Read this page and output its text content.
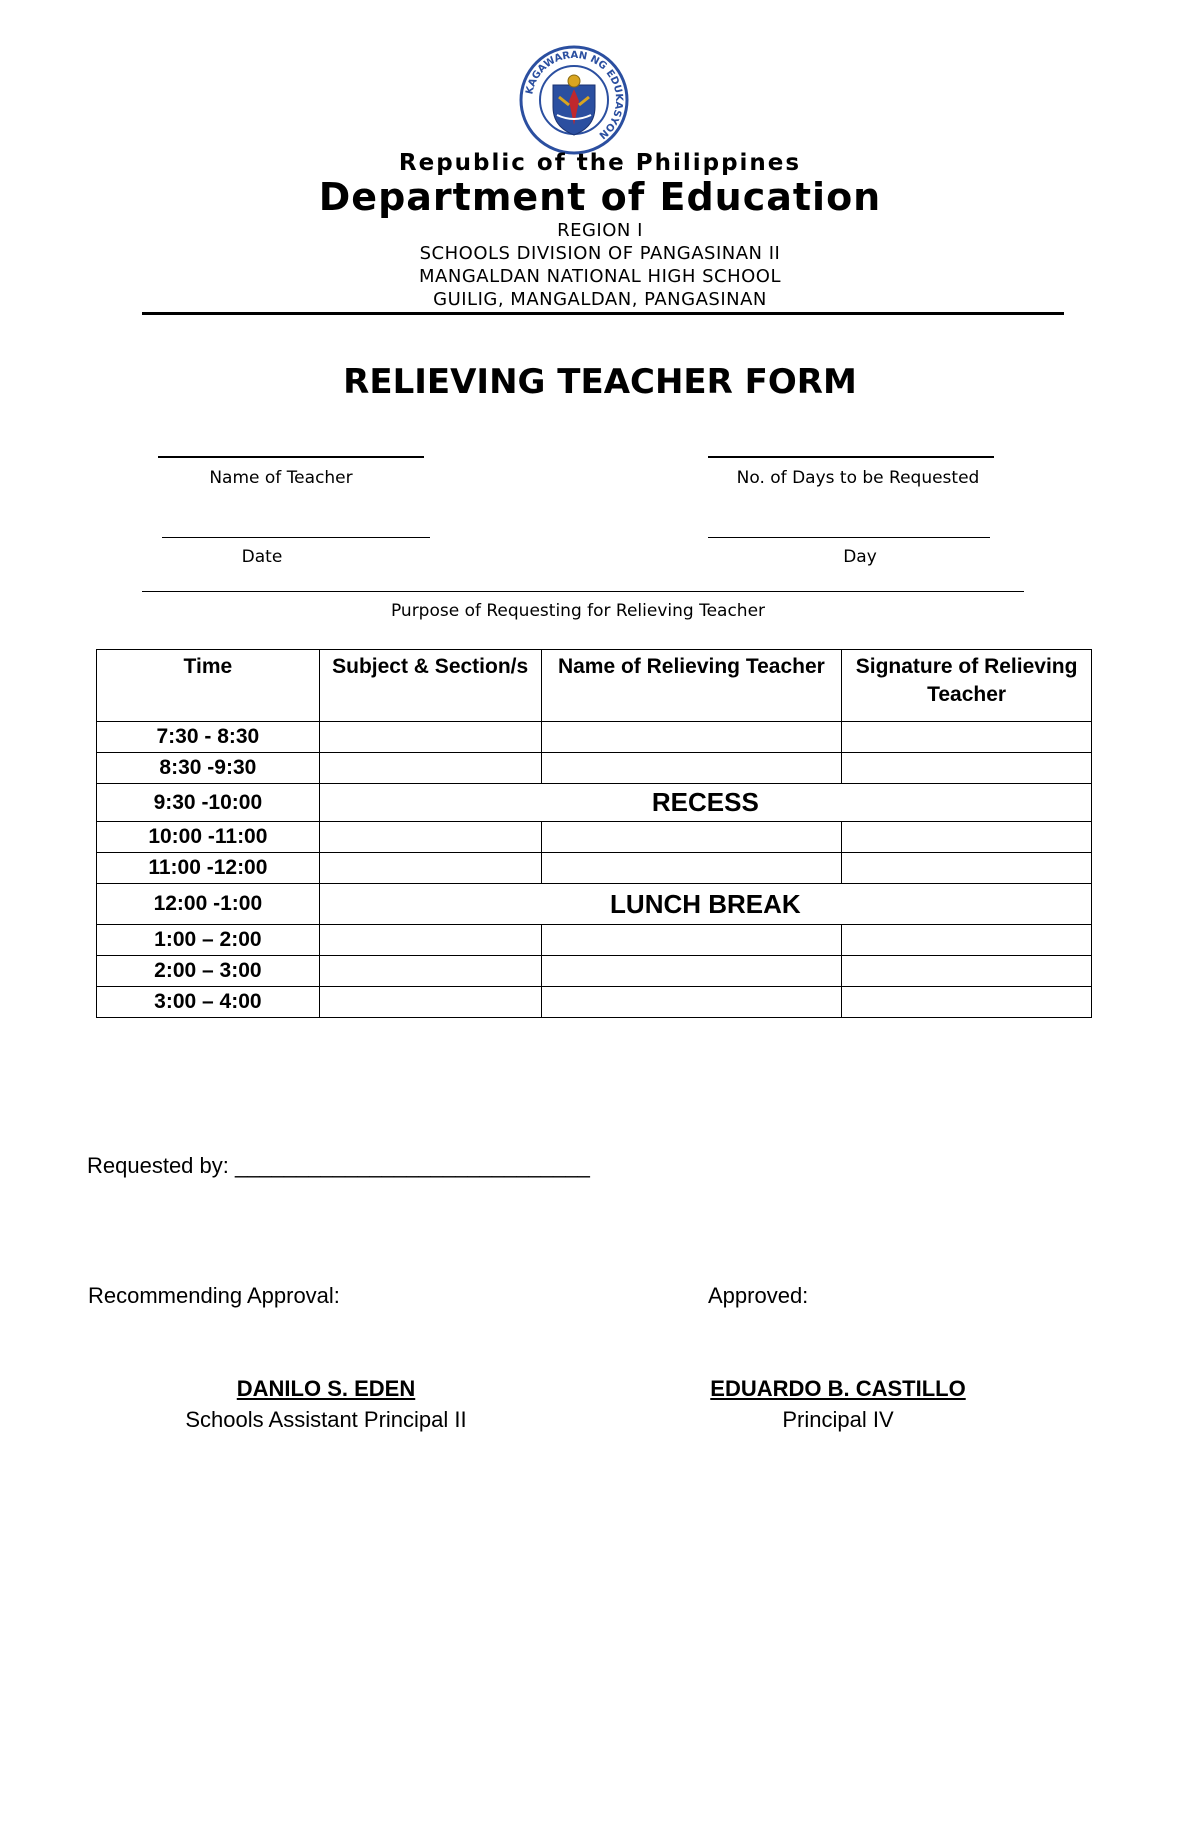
KAGAWARAN NG EDUKASYON
Republic of the Philippines
Department of Education
REGION I
SCHOOLS DIVISION OF PANGASINAN II
MANGALDAN NATIONAL HIGH SCHOOL
GUILIG, MANGALDAN, PANGASINAN
RELIEVING TEACHER FORM
Name of Teacher	No. of Days to be Requested
Date	Day
Purpose of Requesting for Relieving Teacher
Time	Subject & Section/s	Name of Relieving Teacher	Signature of Relieving Teacher
7:30 - 8:30			
8:30 -9:30			
9:30 -10:00	RECESS		
10:00 -11:00			
11:00 -12:00			
12:00 -1:00	LUNCH BREAK		
1:00 – 2:00			
2:00 – 3:00			
3:00 – 4:00			
Requested by: _____________________________
Recommending Approval:	Approved:
DANILO S. EDEN
Schools Assistant Principal II
EDUARDO B. CASTILLO
Principal IV
